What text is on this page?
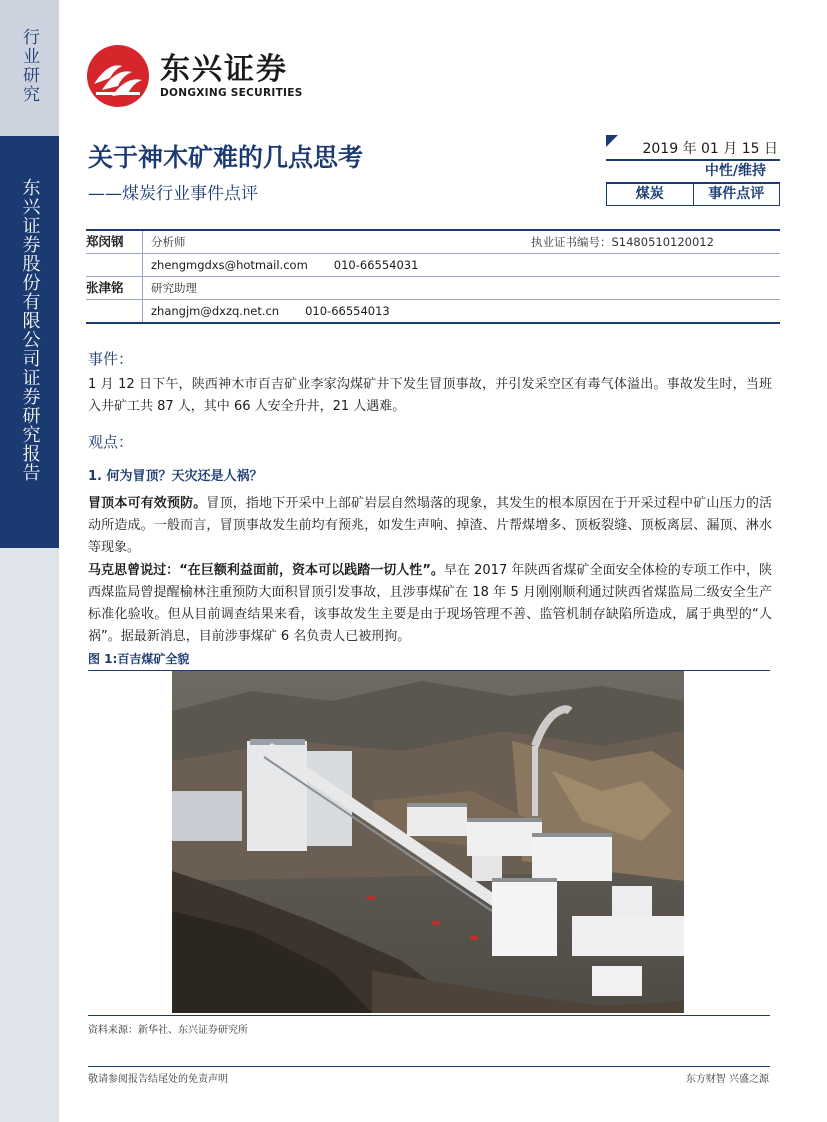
行业研究
东兴证券股份有限公司证券研究报告
东兴证券
DONGXING SECURITIES
关于神木矿难的几点思考
——煤炭行业事件点评
2019 年 01 月 15 日
中性/维持
煤炭	事件点评
郑闵钢	分析师	执业证书编号：S1480510120012
zhengmgdxs@hotmail.com 010-66554031
张津铭	研究助理
zhangjm@dxzq.net.cn 010-66554013
事件：
1 月 12 日下午，陕西神木市百吉矿业李家沟煤矿井下发生冒顶事故，并引发采空区有毒气体溢出。事故发生时，当班入井矿工共 87 人，其中 66 人安全升井，21 人遇难。
观点：
1. 何为冒顶？天灾还是人祸？
冒顶本可有效预防。冒顶，指地下开采中上部矿岩层自然塌落的现象，其发生的根本原因在于开采过程中矿山压力的活动所造成。一般而言，冒顶事故发生前均有预兆，如发生声响、掉渣、片帮煤增多、顶板裂缝、顶板离层、漏顶、淋水等现象。
马克思曾说过：“在巨额利益面前，资本可以践踏一切人性”。早在 2017 年陕西省煤矿全面安全体检的专项工作中，陕西煤监局曾提醒榆林注重预防大面积冒顶引发事故，且涉事煤矿在 18 年 5 月刚刚顺利通过陕西省煤监局二级安全生产标准化验收。但从目前调查结果来看，该事故发生主要是由于现场管理不善、监管机制存缺陷所造成，属于典型的“人祸”。据最新消息，目前涉事煤矿 6 名负责人已被刑拘。
图 1:百吉煤矿全貌
资料来源：新华社、东兴证券研究所
敬请参阅报告结尾处的免责声明	东方财智 兴盛之源
